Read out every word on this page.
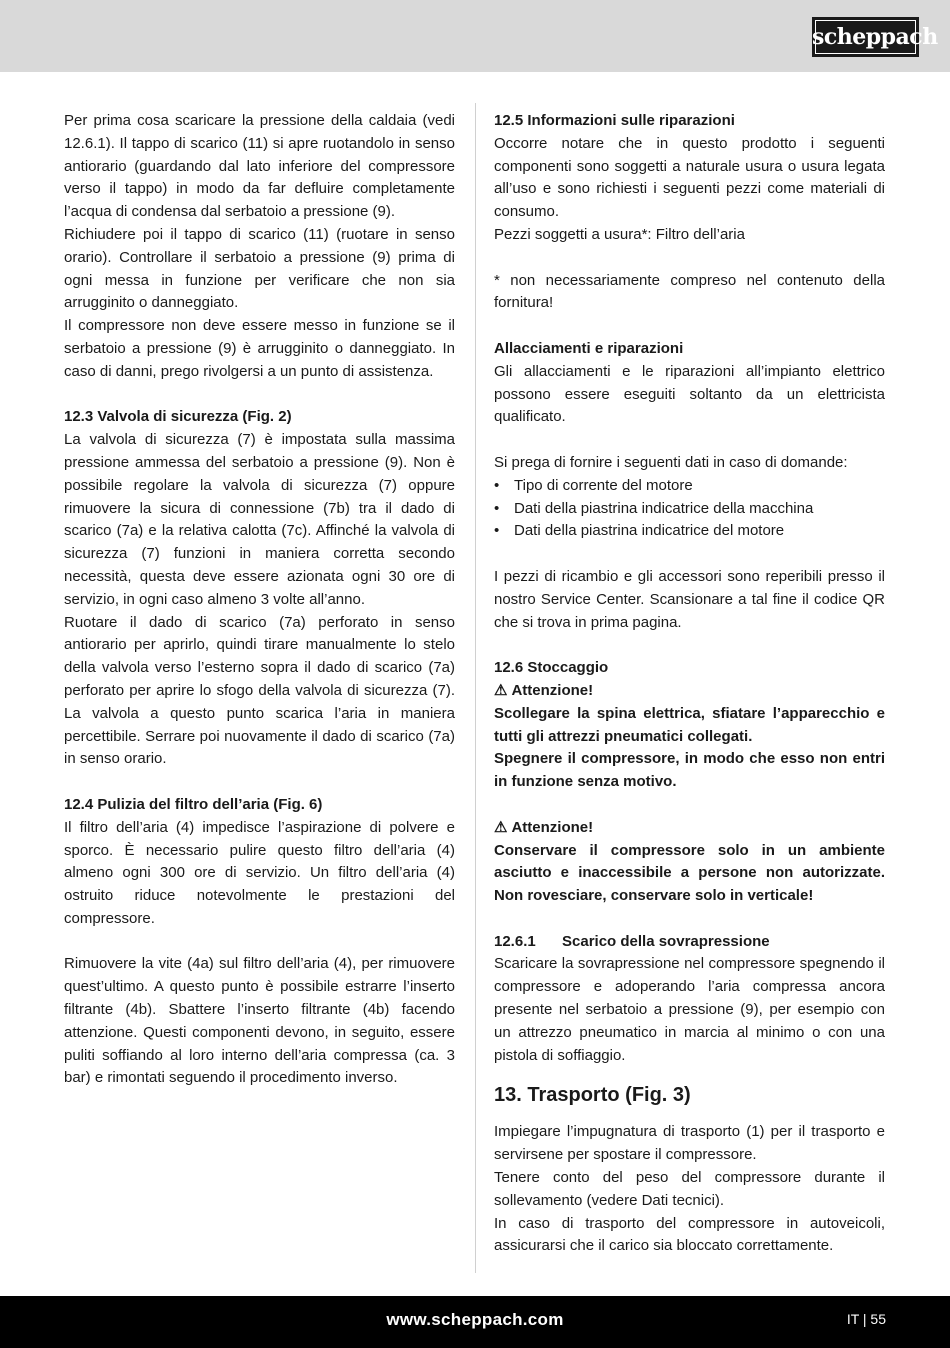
scheppach

Per prima cosa scaricare la pressione della caldaia (vedi 12.6.1). Il tappo di scarico (11) si apre ruotandolo in senso antiorario (guardando dal lato inferiore del compressore verso il tappo) in modo da far defluire completamente l’acqua di condensa dal serbatoio a pressione (9).

Richiudere poi il tappo di scarico (11) (ruotare in senso orario). Controllare il serbatoio a pressione (9) prima di ogni messa in funzione per verificare che non sia arrugginito o danneggiato.

Il compressore non deve essere messo in funzione se il serbatoio a pressione (9) è arrugginito o danneggiato. In caso di danni, prego rivolgersi a un punto di assistenza.

12.3 Valvola di sicurezza (Fig. 2)

La valvola di sicurezza (7) è impostata sulla massima pressione ammessa del serbatoio a pressione (9). Non è possibile regolare la valvola di sicurezza (7) oppure rimuovere la sicura di connessione (7b) tra il dado di scarico (7a) e la relativa calotta (7c). Affinché la valvola di sicurezza (7) funzioni in maniera corretta secondo necessità, questa deve essere azionata ogni 30 ore di servizio, in ogni caso almeno 3 volte all’anno.

Ruotare il dado di scarico (7a) perforato in senso antiorario per aprirlo, quindi tirare manualmente lo stelo della valvola verso l’esterno sopra il dado di scarico (7a) perforato per aprire lo sfogo della valvola di sicurezza (7). La valvola a questo punto scarica l’aria in maniera percettibile. Serrare poi nuovamente il dado di scarico (7a) in senso orario.

12.4 Pulizia del filtro dell’aria (Fig. 6)

Il filtro dell’aria (4) impedisce l’aspirazione di polvere e sporco. È necessario pulire questo filtro dell’aria (4) almeno ogni 300 ore di servizio. Un filtro dell’aria (4) ostruito riduce notevolmente le prestazioni del compressore.

Rimuovere la vite (4a) sul filtro dell’aria (4), per rimuovere quest’ultimo. A questo punto è possibile estrarre l’inserto filtrante (4b). Sbattere l’inserto filtrante (4b) facendo attenzione. Questi componenti devono, in seguito, essere puliti soffiando al loro interno dell’aria compressa (ca. 3 bar) e rimontati seguendo il procedimento inverso.

12.5 Informazioni sulle riparazioni

Occorre notare che in questo prodotto i seguenti componenti sono soggetti a naturale usura o usura legata all’uso e sono richiesti i seguenti pezzi come materiali di consumo.

Pezzi soggetti a usura*: Filtro dell’aria

* non necessariamente compreso nel contenuto della fornitura!

Allacciamenti e riparazioni

Gli allacciamenti e le riparazioni all’impianto elettrico possono essere eseguiti soltanto da un elettricista qualificato.

Si prega di fornire i seguenti dati in caso di domande:

• Tipo di corrente del motore
• Dati della piastrina indicatrice della macchina
• Dati della piastrina indicatrice del motore

I pezzi di ricambio e gli accessori sono reperibili presso il nostro Service Center. Scansionare a tal fine il codice QR che si trova in prima pagina.

12.6 Stoccaggio

⚠ Attenzione!

Scollegare la spina elettrica, sfiatare l’apparecchio e tutti gli attrezzi pneumatici collegati.

Spegnere il compressore, in modo che esso non entri in funzione senza motivo.

⚠ Attenzione!

Conservare il compressore solo in un ambiente asciutto e inaccessibile a persone non autorizzate. Non rovesciare, conservare solo in verticale!

12.6.1 Scarico della sovrapressione

Scaricare la sovrapressione nel compressore spegnendo il compressore e adoperando l’aria compressa ancora presente nel serbatoio a pressione (9), per esempio con un attrezzo pneumatico in marcia al minimo o con una pistola di soffiaggio.

13. Trasporto (Fig. 3)

Impiegare l’impugnatura di trasporto (1) per il trasporto e servirsene per spostare il compressore.

Tenere conto del peso del compressore durante il sollevamento (vedere Dati tecnici).

In caso di trasporto del compressore in autoveicoli, assicurarsi che il carico sia bloccato correttamente.

www.scheppach.com	IT | 55
